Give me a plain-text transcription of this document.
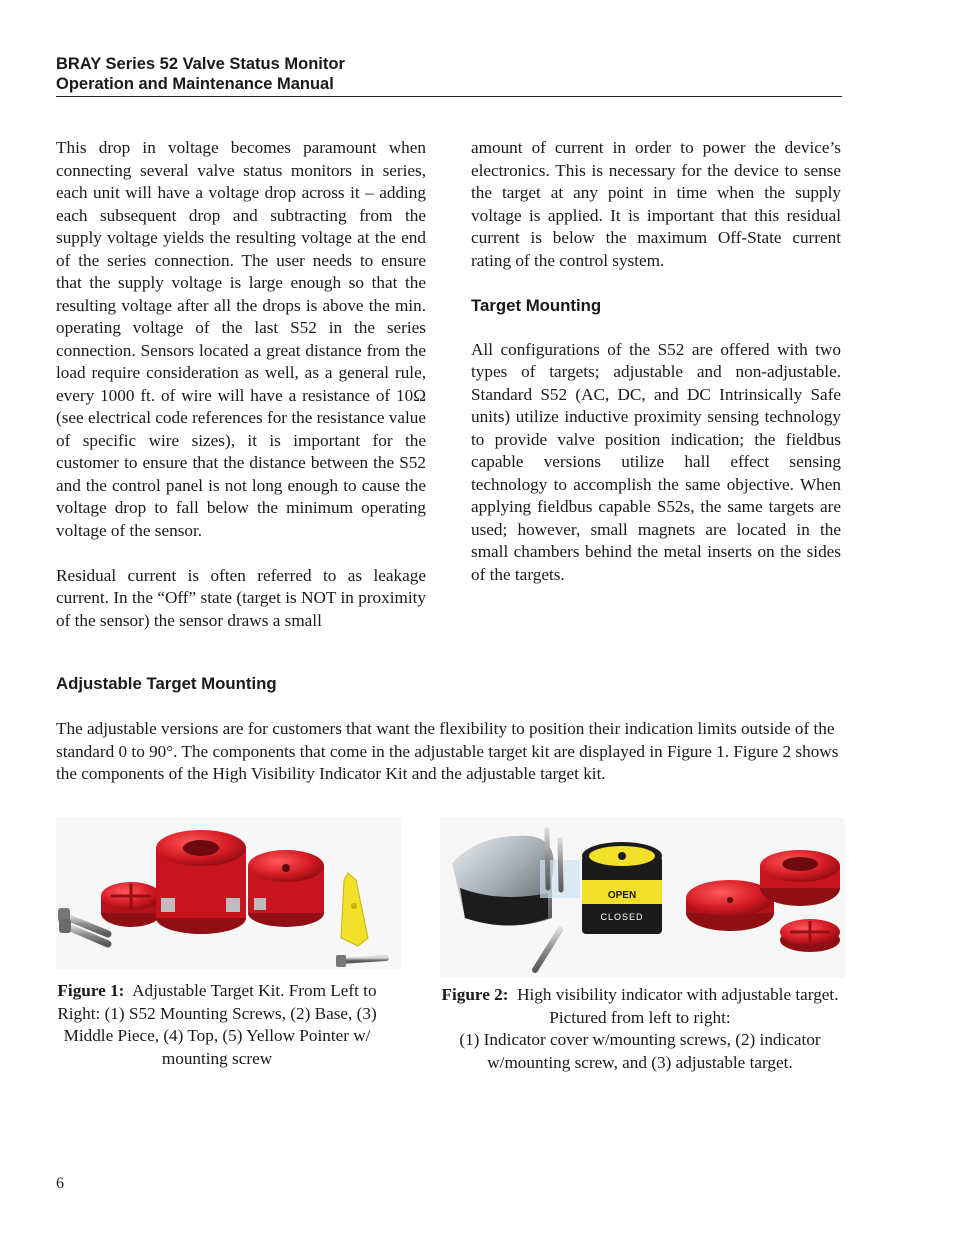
BRAY Series 52 Valve Status Monitor
Operation and Maintenance Manual

This drop in voltage becomes paramount when connecting several valve status monitors in series, each unit will have a voltage drop across it – adding each subsequent drop and subtracting from the supply voltage yields the resulting voltage at the end of the series connection. The user needs to ensure that the supply voltage is large enough so that the resulting voltage after all the drops is above the min. operating voltage of the last S52 in the series connection. Sensors located a great distance from the load require consideration as well, as a general rule, every 1000 ft. of wire will have a resistance of 10Ω (see electrical code references for the resistance value of specific wire sizes), it is important for the customer to ensure that the distance between the S52 and the control panel is not long enough to cause the voltage drop to fall below the minimum operating voltage of the sensor.

Residual current is often referred to as leakage current. In the “Off” state (target is NOT in proximity of the sensor) the sensor draws a small

amount of current in order to power the device’s electronics. This is necessary for the device to sense the target at any point in time when the supply voltage is applied. It is important that this residual current is below the maximum Off-State current rating of the control system.

Target Mounting

All configurations of the S52 are offered with two types of targets; adjustable and non-adjustable. Standard S52 (AC, DC, and DC Intrinsically Safe units) utilize inductive proximity sensing technology to provide valve position indication; the fieldbus capable versions utilize hall effect sensing technology to accomplish the same objective. When applying fieldbus capable S52s, the same targets are used; however, small magnets are located in the small chambers behind the metal inserts on the sides of the targets.

Adjustable Target Mounting

The adjustable versions are for customers that want the flexibility to position their indication limits outside of the standard 0 to 90°. The components that come in the adjustable target kit are displayed in Figure 1. Figure 2 shows the components of the High Visibility Indicator Kit and the adjustable target kit.

OPEN
CLOSED
Figure 1: Adjustable Target Kit. From Left to Right: (1) S52 Mounting Screws, (2) Base, (3) Middle Piece, (4) Top, (5) Yellow Pointer w/ mounting screw
Figure 2: High visibility indicator with adjustable target. Pictured from left to right:
(1) Indicator cover w/mounting screws, (2) indicator w/mounting screw, and (3) adjustable target.
6
